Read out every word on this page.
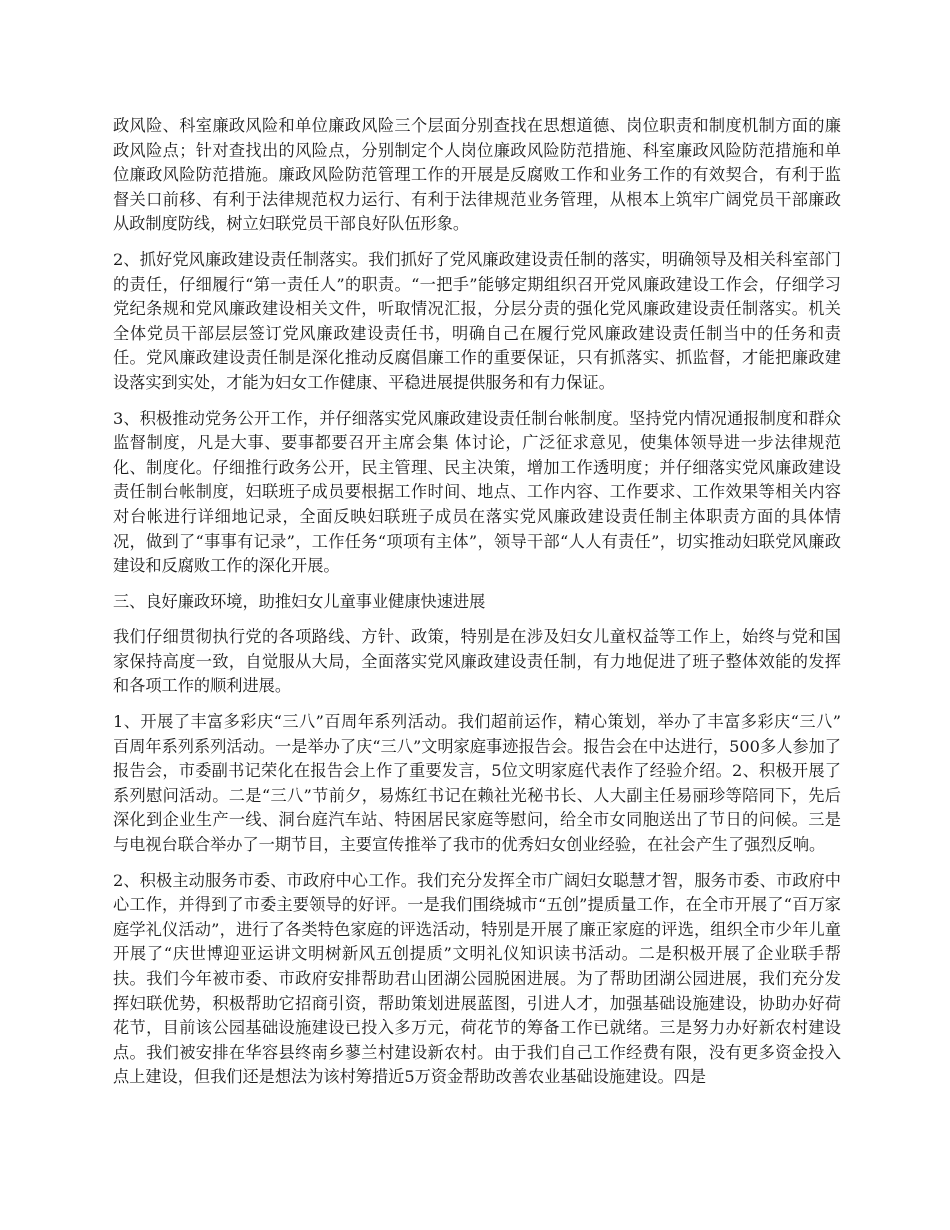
政风险、科室廉政风险和单位廉政风险三个层面分别查找在思想道德、岗位职责和制度机制方面的廉政风险点；针对查找出的风险点，分别制定个人岗位廉政风险防范措施、科室廉政风险防范措施和单位廉政风险防范措施。廉政风险防范管理工作的开展是反腐败工作和业务工作的有效契合，有利于监督关口前移、有利于法律规范权力运行、有利于法律规范业务管理，从根本上筑牢广阔党员干部廉政从政制度防线，树立妇联党员干部良好队伍形象。

2、抓好党风廉政建设责任制落实。我们抓好了党风廉政建设责任制的落实，明确领导及相关科室部门的责任，仔细履行“第一责任人”的职责。“一把手”能够定期组织召开党风廉政建设工作会，仔细学习党纪条规和党风廉政建设相关文件，听取情况汇报，分层分责的强化党风廉政建设责任制落实。机关全体党员干部层层签订党风廉政建设责任书，明确自己在履行党风廉政建设责任制当中的任务和责任。党风廉政建设责任制是深化推动反腐倡廉工作的重要保证，只有抓落实、抓监督，才能把廉政建设落实到实处，才能为妇女工作健康、平稳进展提供服务和有力保证。

3、积极推动党务公开工作，并仔细落实党风廉政建设责任制台帐制度。坚持党内情况通报制度和群众监督制度，凡是大事、要事都要召开主席会集 体讨论，广泛征求意见，使集体领导进一步法律规范化、制度化。仔细推行政务公开，民主管理、民主决策，增加工作透明度；并仔细落实党风廉政建设责任制台帐制度，妇联班子成员要根据工作时间、地点、工作内容、工作要求、工作效果等相关内容对台帐进行详细地记录，全面反映妇联班子成员在落实党风廉政建设责任制主体职责方面的具体情况，做到了“事事有记录”，工作任务“项项有主体”，领导干部“人人有责任”，切实推动妇联党风廉政建设和反腐败工作的深化开展。

三、良好廉政环境，助推妇女儿童事业健康快速进展

我们仔细贯彻执行党的各项路线、方针、政策，特别是在涉及妇女儿童权益等工作上，始终与党和国家保持高度一致，自觉服从大局，全面落实党风廉政建设责任制，有力地促进了班子整体效能的发挥和各项工作的顺利进展。

1、开展了丰富多彩庆“三八”百周年系列活动。我们超前运作，精心策划，举办了丰富多彩庆“三八” 百周年系列系列活动。一是举办了庆“三八”文明家庭事迹报告会。报告会在中达进行，500多人参加了报告会，市委副书记荣化在报告会上作了重要发言，5位文明家庭代表作了经验介绍。2、积极开展了系列慰问活动。二是“三八”节前夕，易炼红书记在赖社光秘书长、人大副主任易丽珍等陪同下，先后深化到企业生产一线、洞台庭汽车站、特困居民家庭等慰问，给全市女同胞送出了节日的问候。三是与电视台联合举办了一期节目，主要宣传推举了我市的优秀妇女创业经验，在社会产生了强烈反响。

2、积极主动服务市委、市政府中心工作。我们充分发挥全市广阔妇女聪慧才智，服务市委、市政府中心工作，并得到了市委主要领导的好评。一是我们围绕城市“五创”提质量工作，在全市开展了“百万家庭学礼仪活动”，进行了各类特色家庭的评选活动，特别是开展了廉正家庭的评选，组织全市少年儿童开展了“庆世博迎亚运讲文明树新风五创提质”文明礼仪知识读书活动。二是积极开展了企业联手帮扶。我们今年被市委、市政府安排帮助君山团湖公园脱困进展。为了帮助团湖公园进展，我们充分发挥妇联优势，积极帮助它招商引资，帮助策划进展蓝图，引进人才，加强基础设施建设，协助办好荷花节，目前该公园基础设施建设已投入多万元，荷花节的筹备工作已就绪。三是努力办好新农村建设点。我们被安排在华容县终南乡蓼兰村建设新农村。由于我们自己工作经费有限，没有更多资金投入点上建设，但我们还是想法为该村筹措近5万资金帮助改善农业基础设施建设。四是
